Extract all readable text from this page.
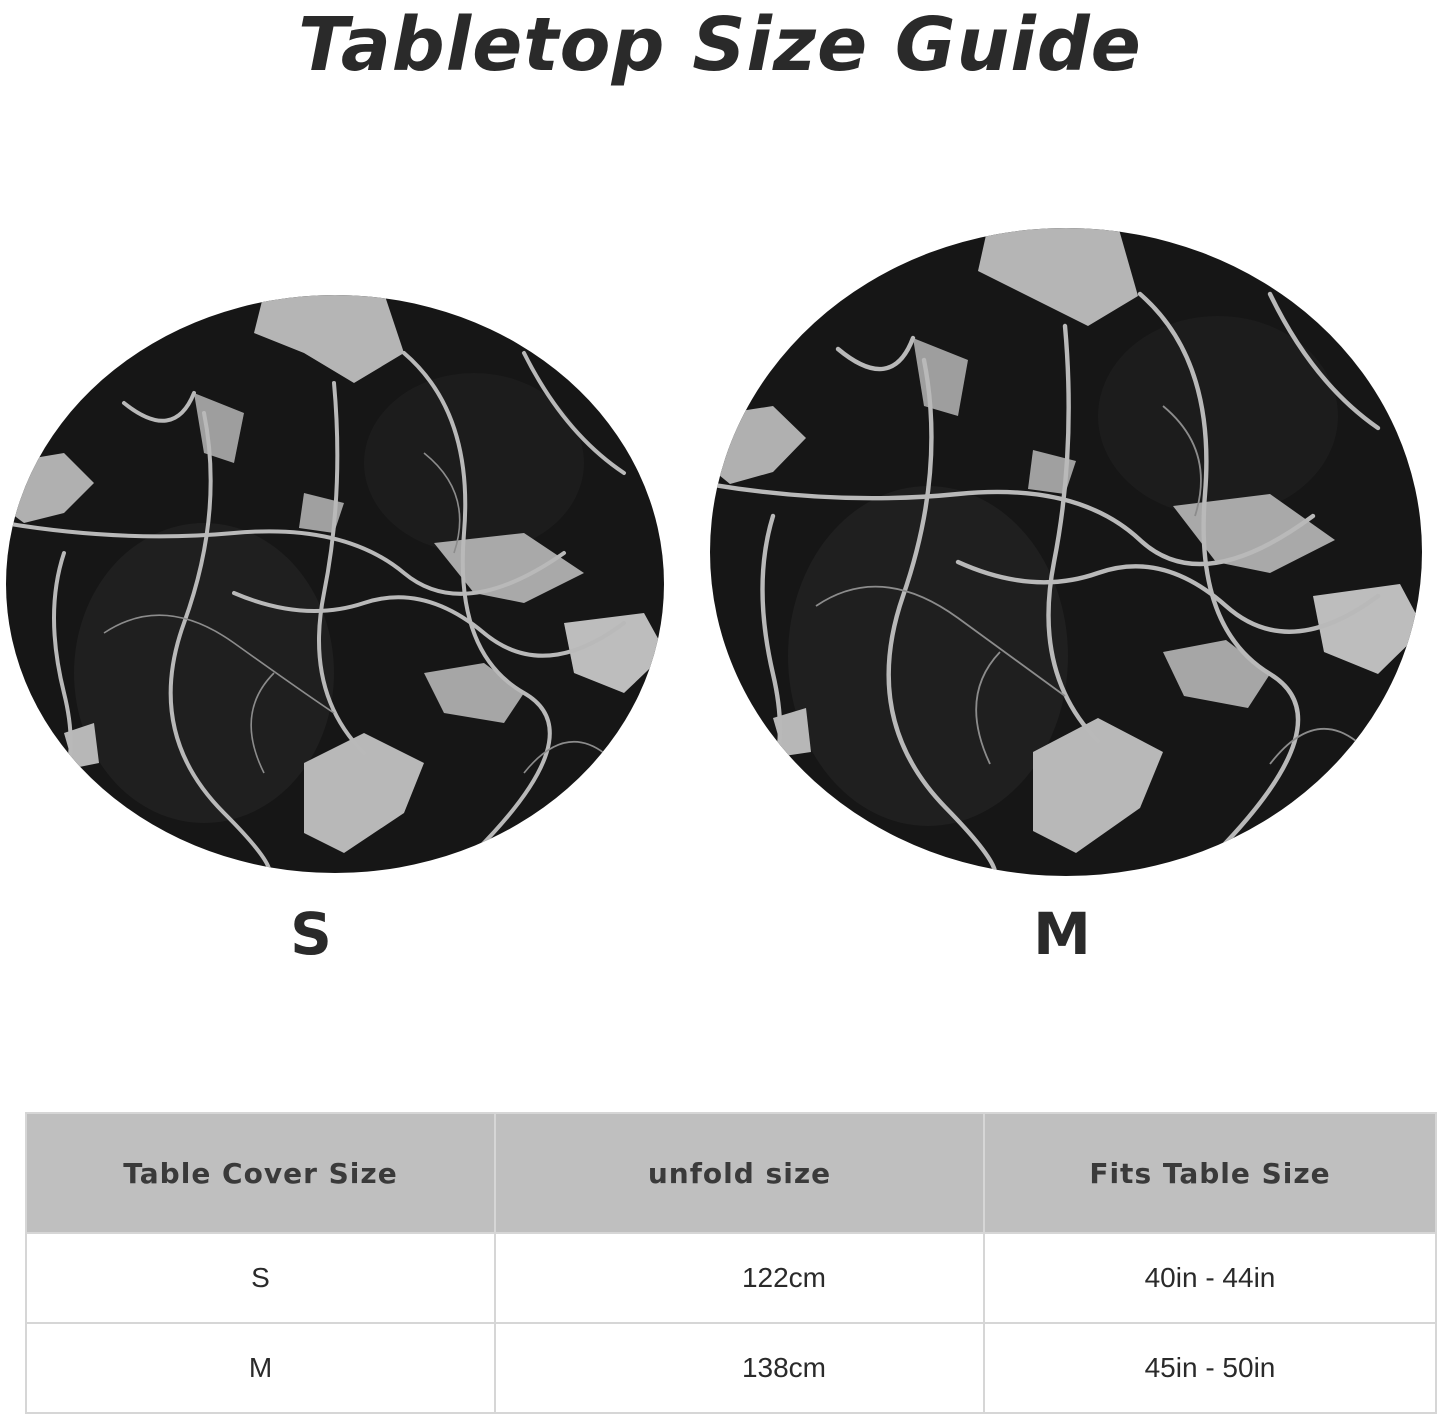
Tabletop Size Guide
S	M
Table Cover Size	unfold size	Fits Table Size
S	122cm	40in - 44in
M	138cm	45in - 50in
